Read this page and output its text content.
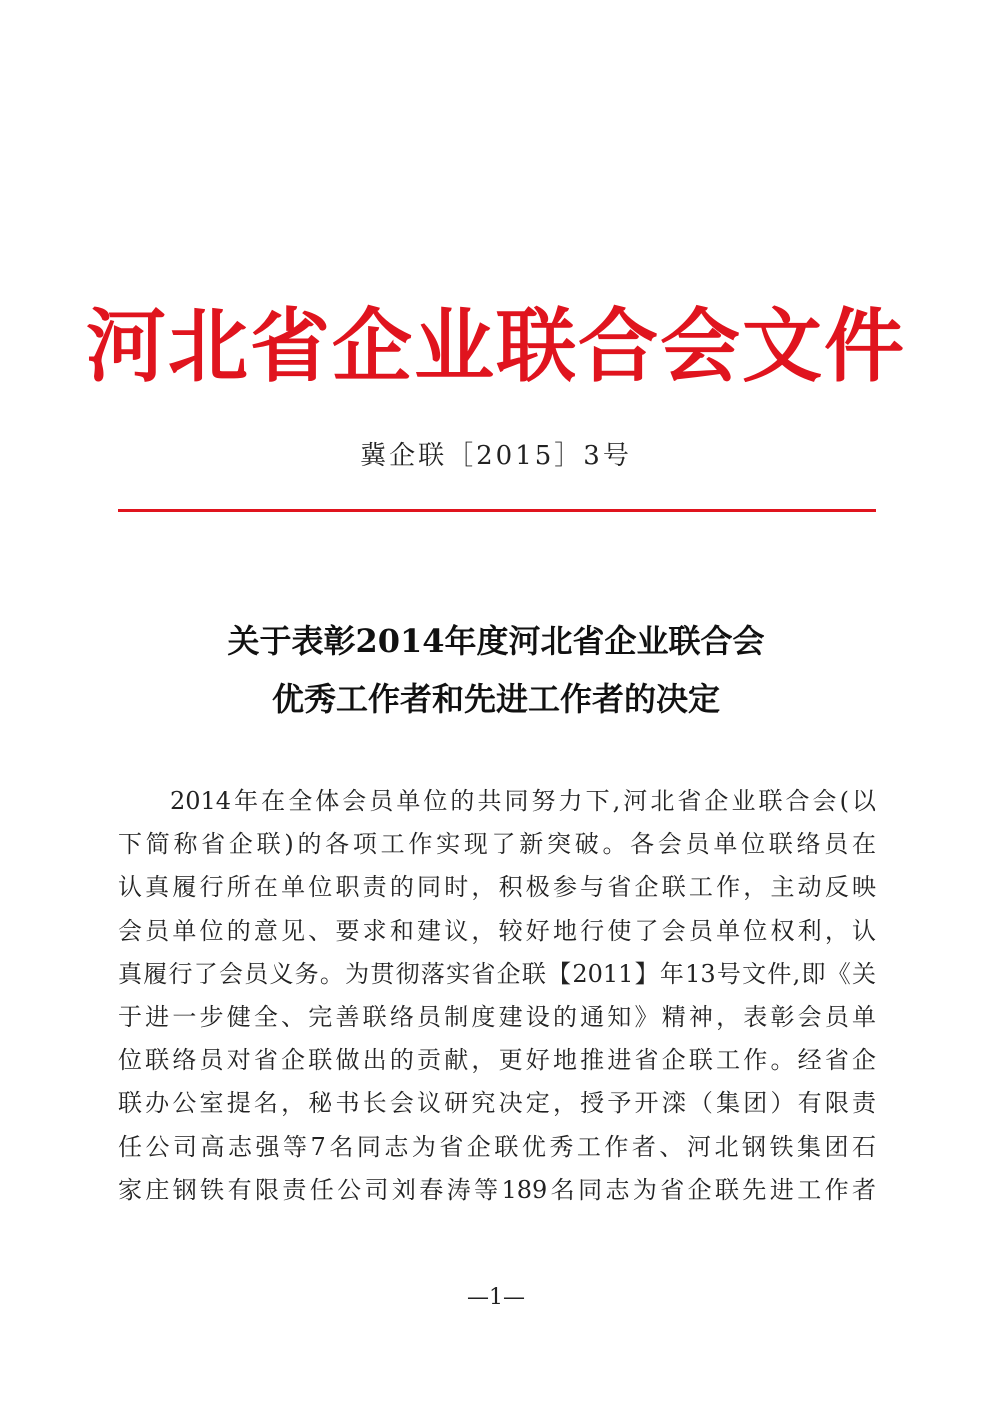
河北省企业联合会文件
冀企联［2015］3号
关于表彰2014年度河北省企业联合会
优秀工作者和先进工作者的决定
2014年在全体会员单位的共同努力下,河北省企业联合会(以
下简称省企联)的各项工作实现了新突破。各会员单位联络员在
认真履行所在单位职责的同时，积极参与省企联工作，主动反映
会员单位的意见、要求和建议，较好地行使了会员单位权利，认
真履行了会员义务。为贯彻落实省企联【2011】年13号文件,即《关
于进一步健全、完善联络员制度建设的通知》精神，表彰会员单
位联络员对省企联做出的贡献，更好地推进省企联工作。经省企
联办公室提名，秘书长会议研究决定，授予开滦（集团）有限责
任公司高志强等7名同志为省企联优秀工作者、河北钢铁集团石
家庄钢铁有限责任公司刘春涛等189名同志为省企联先进工作者
—1—
